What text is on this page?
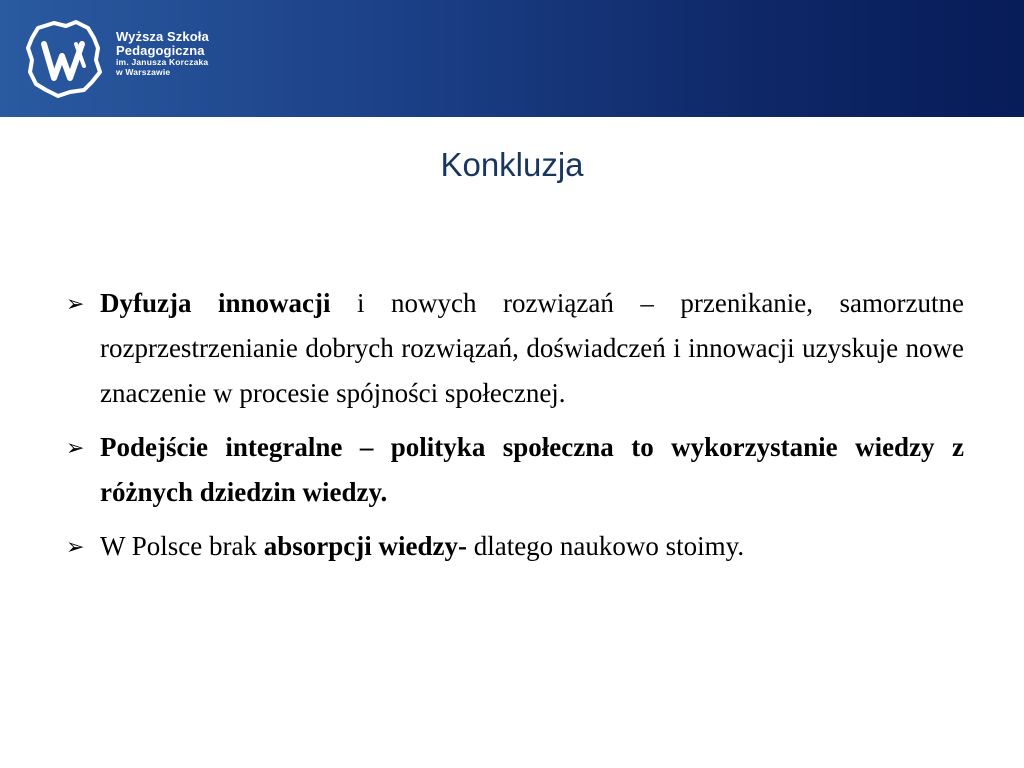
Wyższa Szkoła
Pedagogiczna
im. Janusza Korczaka
w Warszawie
Konkluzja
➢ Dyfuzja innowacji i nowych rozwiązań – przenikanie, samorzutne rozprzestrzenianie dobrych rozwiązań, doświadczeń i innowacji uzyskuje nowe znaczenie w procesie spójności społecznej.
➢ Podejście integralne – polityka społeczna to wykorzystanie wiedzy z różnych dziedzin wiedzy.
➢ W Polsce brak absorpcji wiedzy- dlatego naukowo stoimy.
